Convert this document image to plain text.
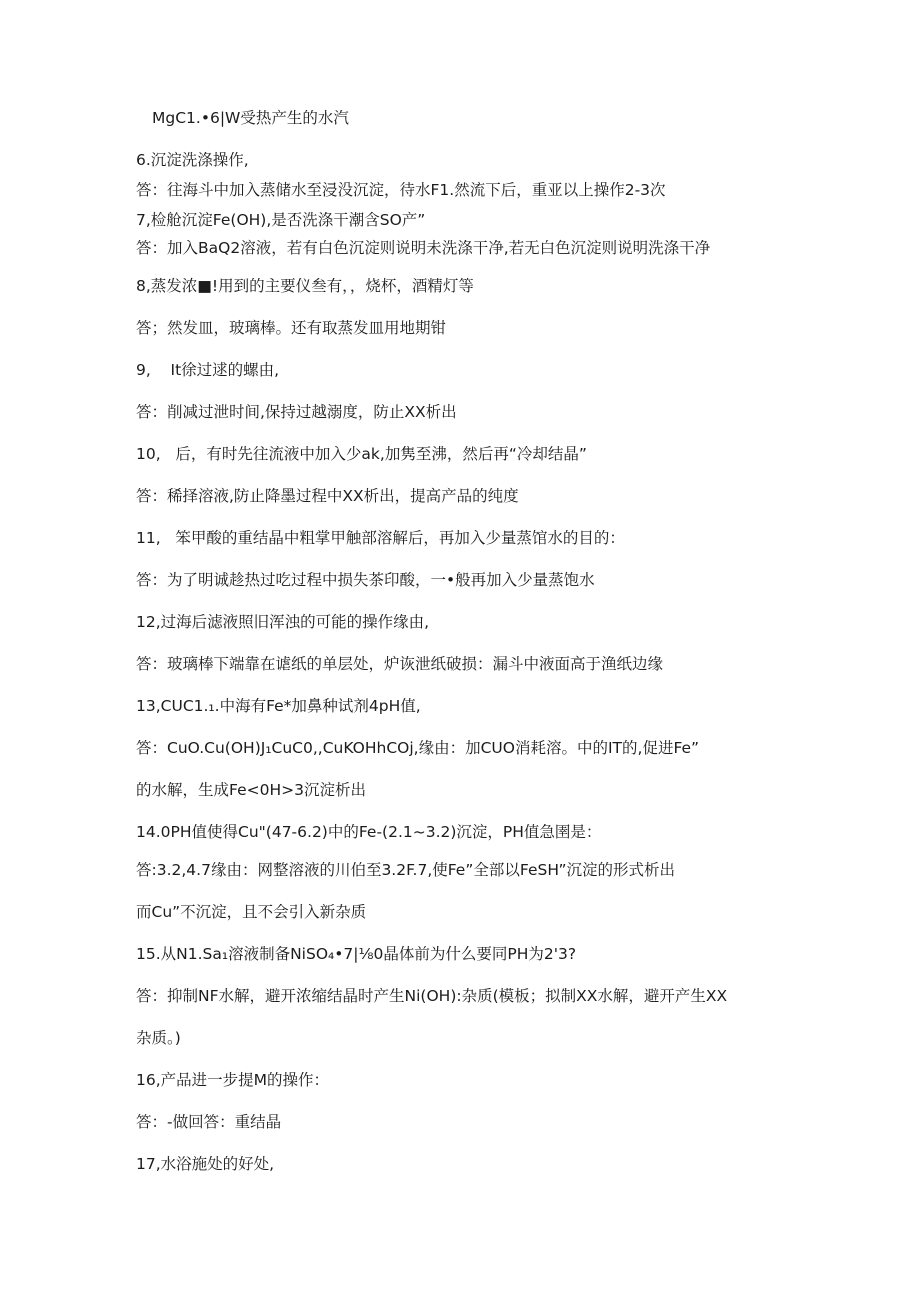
MgC1.•6|W受热产生的水汽

6.沉淀洗涤操作,

答：往海斗中加入蒸储水至浸没沉淀，待水F1.然流下后，重亚以上操作2-3次

7,检舱沉淀Fe(OH),是否洗涤干潮含SO产”

答：加入BaQ2溶液，若有白色沉淀则说明未洗涤干净,若无白色沉淀则说明洗涤干净

8,蒸发浓■!用到的主要仪叁有，，烧杯，酒精灯等

答；然发皿，玻璃棒。还有取蒸发皿用地期钳

9,    It徐过逑的螺由,

答：削减过泄时间,保持过越溺度，防止XX析出

10,   后，有时先往流液中加入少ak,加隽至沸，然后再“冷却结晶”

答：稀择溶液,防止降墨过程中XX析出，提高产品的纯度

11,   笨甲酸的重结晶中粗掌甲触部溶解后，再加入少量蒸馆水的目的：

答：为了明诚趁热过吃过程中损失茶印酸，一•般再加入少量蒸饱水

12,过海后滤液照旧浑浊的可能的操作缘由,

答：玻璃棒下端靠在谑纸的单层处，炉诙泄纸破损：漏斗中液面高于渔纸边缘

13,CUC1.₁.中海有Fe*加鼻种试剂4pH值,

答：CuO.Cu(OH)J₁CuC0,,CuKOHhCOj,缘由：加CUO消耗溶。中的IT的,促进Fe”

的水解，生成Fe<0H>3沉淀析出

14.0PH值使得Cu"(47-6.2)中的Fe-(2.1~3.2)沉淀，PH值急圉是：

答:3.2,4.7缘由：网整溶液的川伯至3.2F.7,使Fe”全部以FeSH”沉淀的形式析出

而Cu”不沉淀，且不会引入新杂质

15.从N1.Sa₁溶液制备NiSO₄•7|⅛0晶体前为什么要同PH为2'3?

答：抑制NF水解，避开浓缩结晶时产生Ni(OH):杂质(模板；拟制XX水解，避开产生XX

杂质。)

16,产品进一步提M的操作：

答：-做回答：重结晶

17,水浴施处的好处,
